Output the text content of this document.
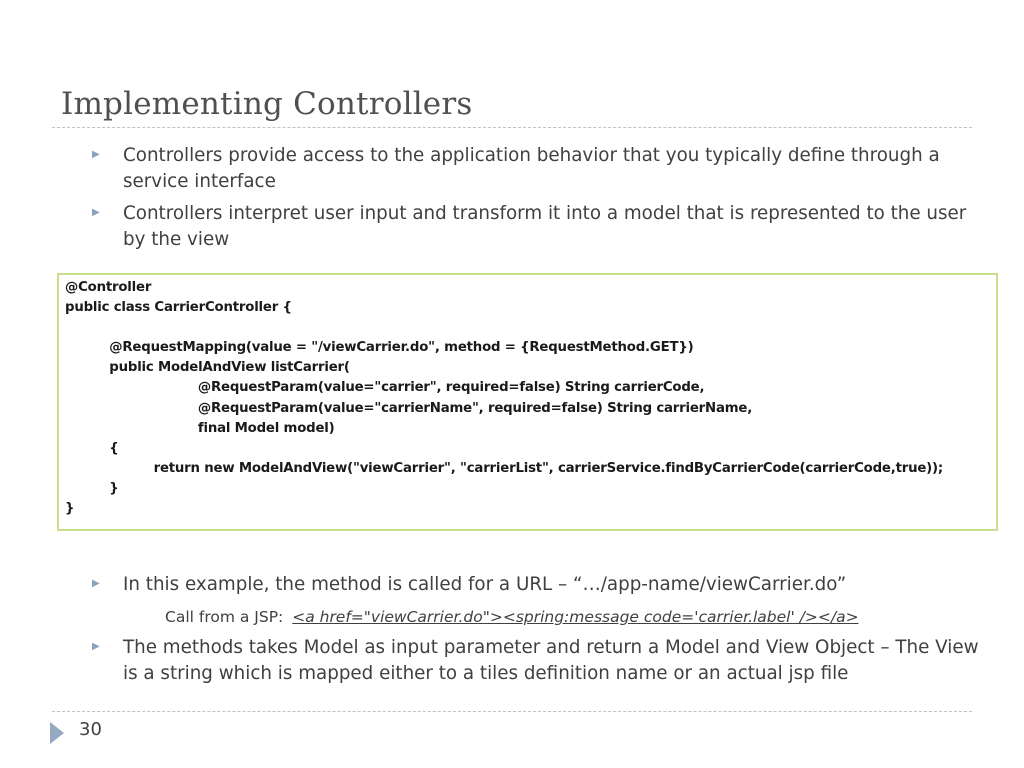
Implementing Controllers
▶ Controllers provide access to the application behavior that you typically define through a service interface
▶ Controllers interpret user input and transform it into a model that is represented to the user by the view
@Controller
public class CarrierController {

@RequestMapping(value = "/viewCarrier.do", method = {RequestMethod.GET})
public ModelAndView listCarrier(
@RequestParam(value="carrier", required=false) String carrierCode,
@RequestParam(value="carrierName", required=false) String carrierName,
final Model model)
{
return new ModelAndView("viewCarrier", "carrierList", carrierService.findByCarrierCode(carrierCode,true));
}
}
▶ In this example, the method is called for a URL – “…/app-name/viewCarrier.do”
Call from a JSP: <a href="viewCarrier.do"><spring:message code='carrier.label' /></a>
▶ The methods takes Model as input parameter and return a Model and View Object – The View is a string which is mapped either to a tiles definition name or an actual jsp file
30
